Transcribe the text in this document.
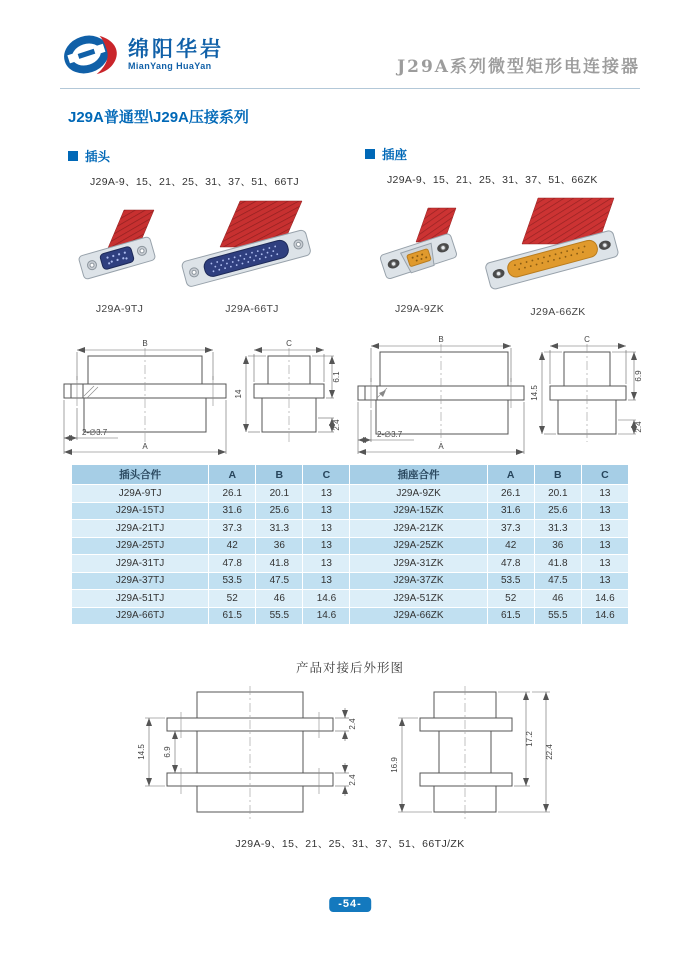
绵阳华岩
MianYang HuaYan	J29A系列微型矩形电连接器
J29A普通型\J29A压接系列
插头
J29A-9、15、21、25、31、37、51、66TJ
插座
J29A-9、15、21、25、31、37、51、66ZK
J29A-9TJ	J29A-66TJ	J29A-9ZK	J29A-66ZK
B
A
2-∅3.7
C
14
6.1
2.4
B
A
2-∅3.7
C
14.5
6.9
2.4
插头合件	A	B	C	插座合件	A	B	C
J29A-9TJ	26.1	20.1	13	J29A-9ZK	26.1	20.1	13
J29A-15TJ	31.6	25.6	13	J29A-15ZK	31.6	25.6	13
J29A-21TJ	37.3	31.3	13	J29A-21ZK	37.3	31.3	13
J29A-25TJ	42	36	13	J29A-25ZK	42	36	13
J29A-31TJ	47.8	41.8	13	J29A-31ZK	47.8	41.8	13
J29A-37TJ	53.5	47.5	13	J29A-37ZK	53.5	47.5	13
J29A-51TJ	52	46	14.6	J29A-51ZK	52	46	14.6
J29A-66TJ	61.5	55.5	14.6	J29A-66ZK	61.5	55.5	14.6
产品对接后外形图
2.4
2.4
14.5 6.9
16.9
17.2
22.4
J29A-9、15、21、25、31、37、51、66TJ/ZK
-54-
